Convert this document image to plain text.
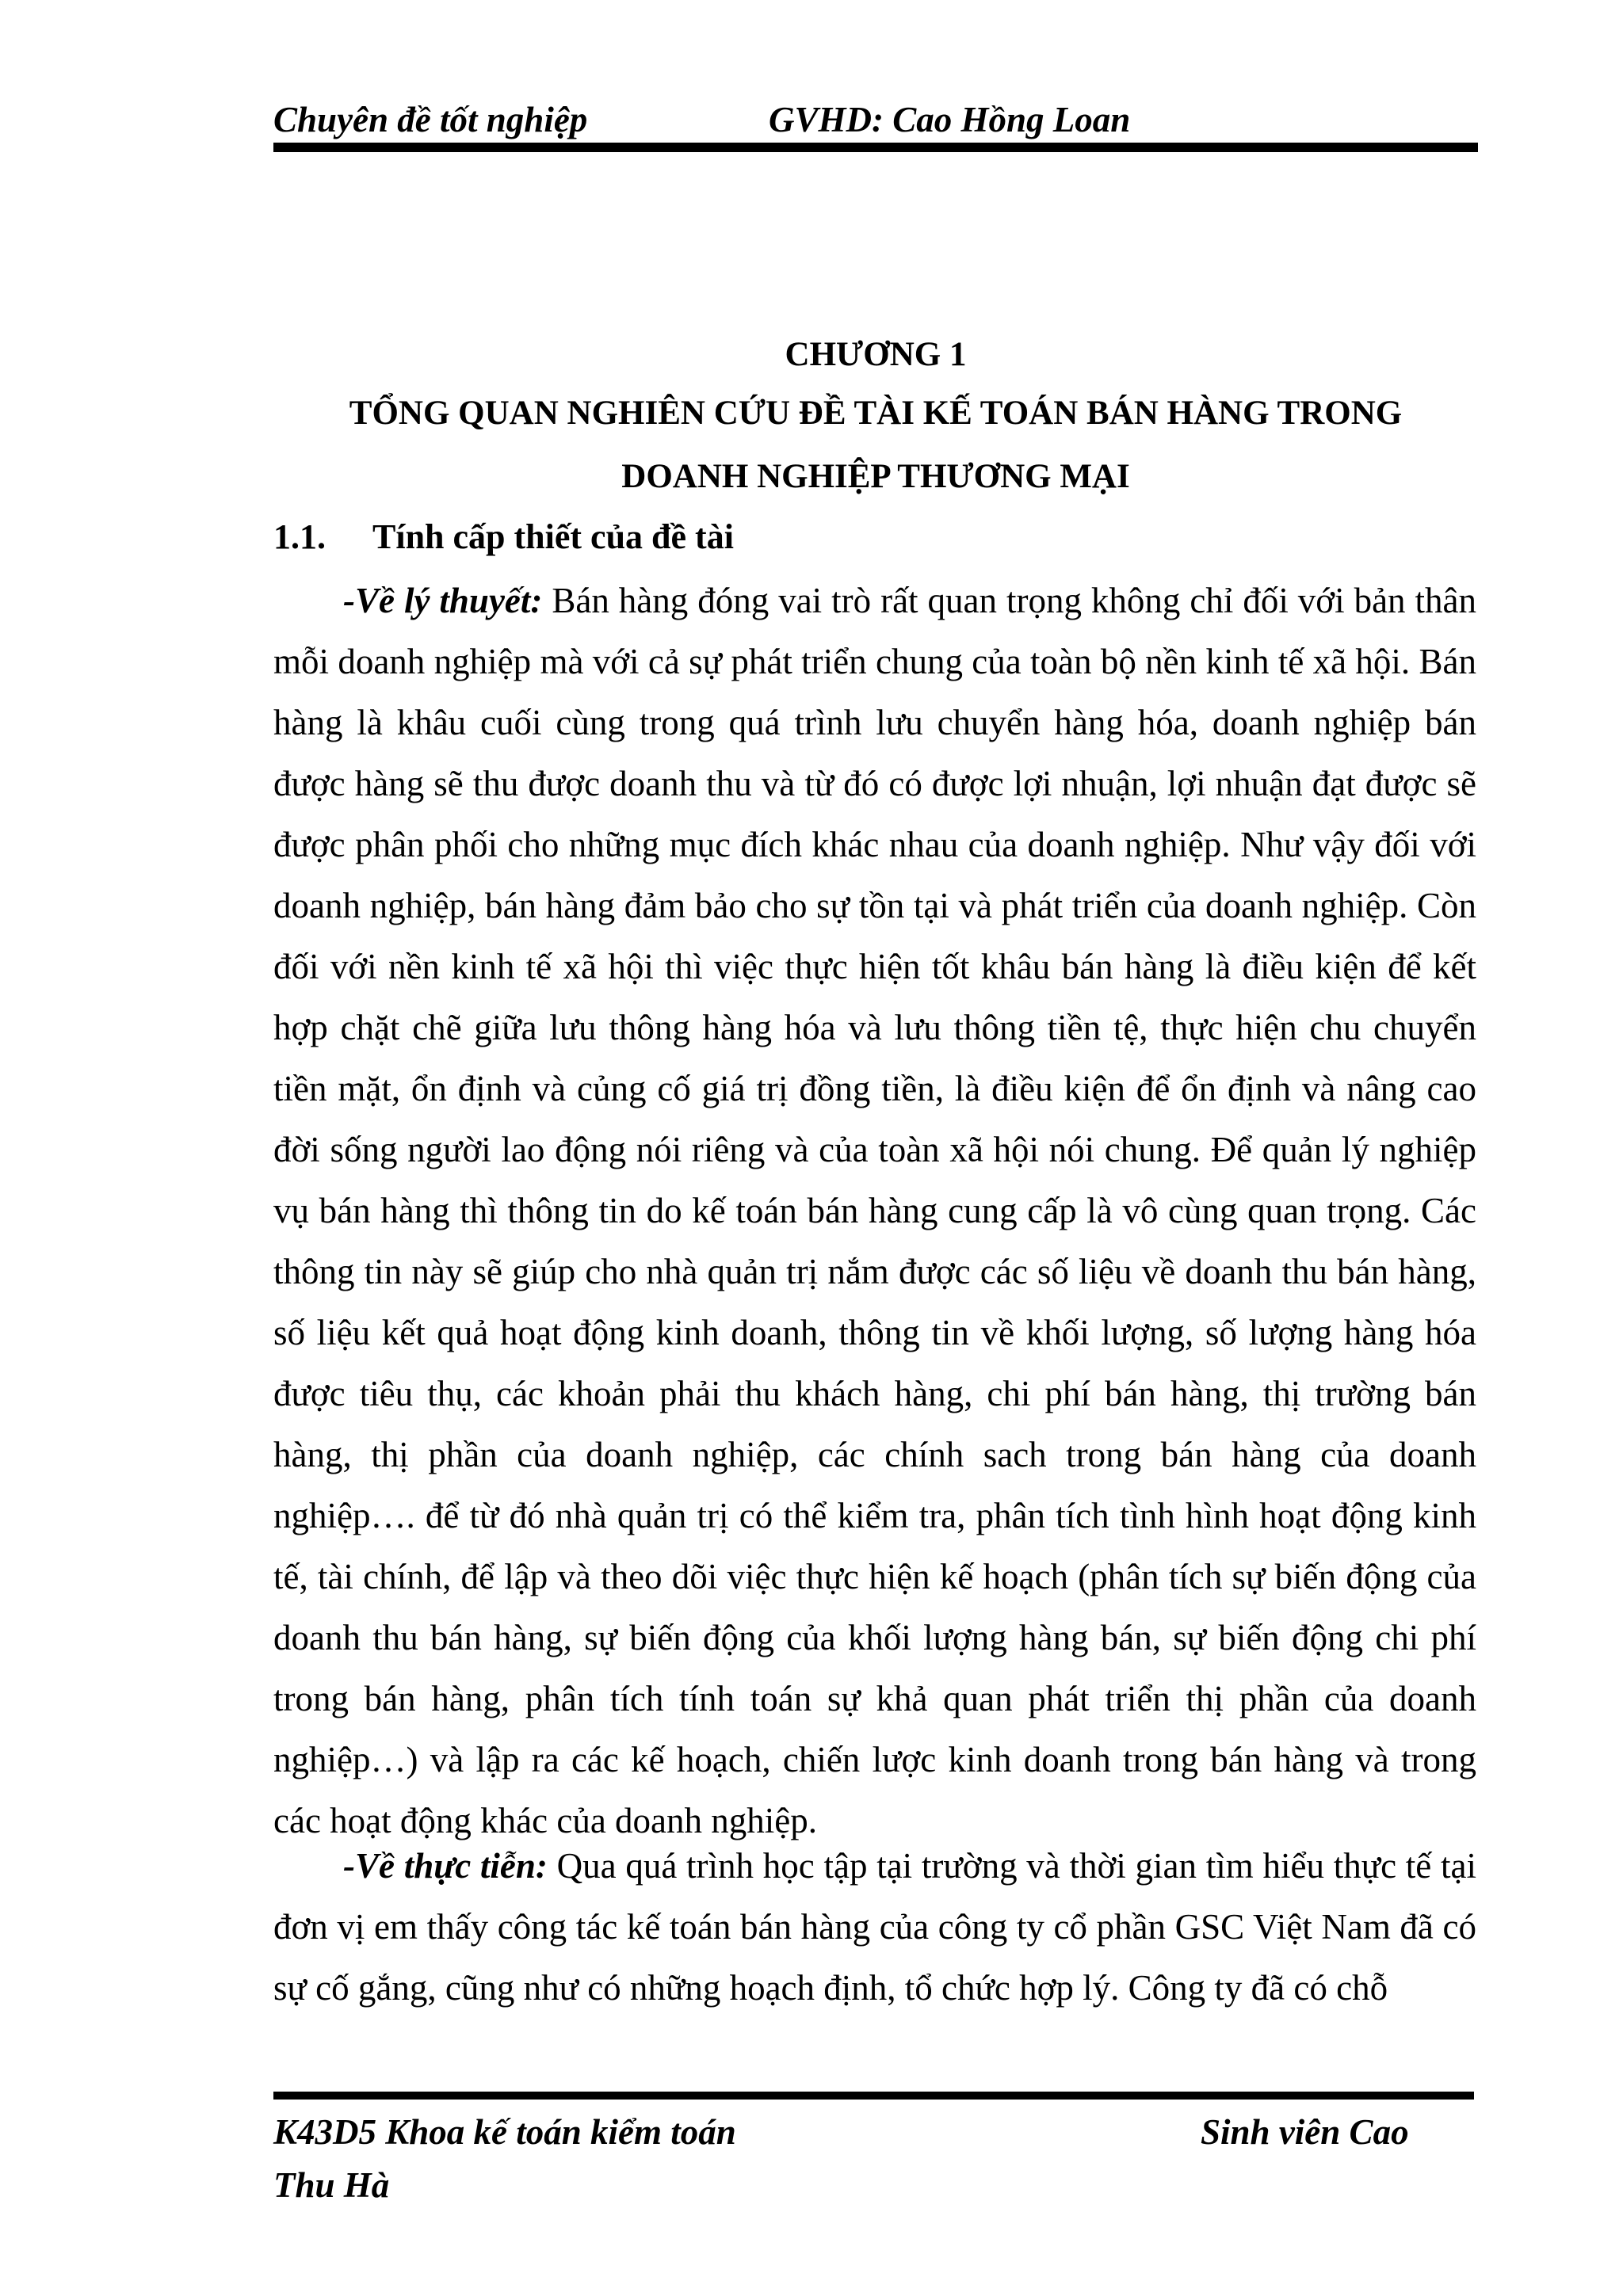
Chuyên đề tốt nghiệp	GVHD: Cao Hồng Loan
CHƯƠNG 1
TỔNG QUAN NGHIÊN CỨU ĐỀ TÀI KẾ TOÁN BÁN HÀNG TRONG
DOANH NGHIỆP THƯƠNG MẠI
1.1. Tính cấp thiết của đề tài

-Về lý thuyết: Bán hàng đóng vai trò rất quan trọng không chỉ đối với bản thân mỗi doanh nghiệp mà với cả sự phát triển chung của toàn bộ nền kinh tế xã hội. Bán hàng là khâu cuối cùng trong quá trình lưu chuyển hàng hóa, doanh nghiệp bán được hàng sẽ thu được doanh thu và từ đó có được lợi nhuận, lợi nhuận đạt được sẽ được phân phối cho những mục đích khác nhau của doanh nghiệp. Như vậy đối với doanh nghiệp, bán hàng đảm bảo cho sự tồn tại và phát triển của doanh nghiệp. Còn đối với nền kinh tế xã hội thì việc thực hiện tốt khâu bán hàng là điều kiện để kết hợp chặt chẽ giữa lưu thông hàng hóa và lưu thông tiền tệ, thực hiện chu chuyển tiền mặt, ổn định và củng cố giá trị đồng tiền, là điều kiện để ổn định và nâng cao đời sống người lao động nói riêng và của toàn xã hội nói chung. Để quản lý nghiệp vụ bán hàng thì thông tin do kế toán bán hàng cung cấp là vô cùng quan trọng. Các thông tin này sẽ giúp cho nhà quản trị nắm được các số liệu về doanh thu bán hàng, số liệu kết quả hoạt động kinh doanh, thông tin về khối lượng, số lượng hàng hóa được tiêu thụ, các khoản phải thu khách hàng, chi phí bán hàng, thị trường bán hàng, thị phần của doanh nghiệp, các chính sach trong bán hàng của doanh nghiệp…. để từ đó nhà quản trị có thể kiểm tra, phân tích tình hình hoạt động kinh tế, tài chính, để lập và theo dõi việc thực hiện kế hoạch (phân tích sự biến động của doanh thu bán hàng, sự biến động của khối lượng hàng bán, sự biến động chi phí trong bán hàng, phân tích tính toán sự khả quan phát triển thị phần của doanh nghiệp…) và lập ra các kế hoạch, chiến lược kinh doanh trong bán hàng và trong các hoạt động khác của doanh nghiệp.

-Về thực tiễn: Qua quá trình học tập tại trường và thời gian tìm hiểu thực tế tại đơn vị em thấy công tác kế toán bán hàng của công ty cổ phần GSC Việt Nam đã có sự cố gắng, cũng như có những hoạch định, tổ chức hợp lý. Công ty đã có chỗ

K43D5 Khoa kế toán kiểm toán	Sinh viên Cao
Thu Hà
